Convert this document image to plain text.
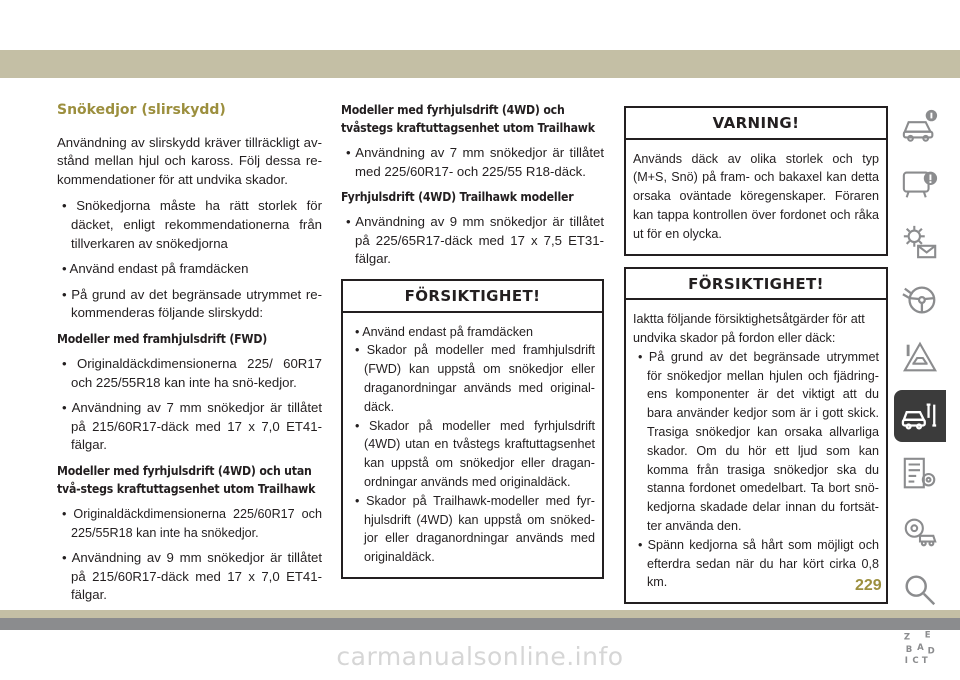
Snökedjor (slirskydd)

Användning av slirskydd kräver tillräckligt av-stånd mellan hjul och kaross. Följ dessa re-kommendationer för att undvika skador.

• Snökedjorna måste ha rätt storlek för däcket, enligt rekommendationerna från tillverkaren av snökedjorna

• Använd endast på framdäcken

• På grund av det begränsade utrymmet re-kommenderas följande slirskydd:

Modeller med framhjulsdrift (FWD)

• Originaldäckdimensionerna 225/ 60R17 och 225/55R18 kan inte ha snö-kedjor.

• Användning av 7 mm snökedjor är tillåtet på 215/60R17-däck med 17 x 7,0 ET41-fälgar.

Modeller med fyrhjulsdrift (4WD) och utan två-stegs kraftuttagsenhet utom Trailhawk

• Originaldäckdimensionerna 225/60R17 och 225/55R18 kan inte ha snökedjor.

• Användning av 9 mm snökedjor är tillåtet på 215/60R17-däck med 17 x 7,0 ET41-fälgar.

Modeller med fyrhjulsdrift (4WD) och tvåstegs kraftuttagsenhet utom Trailhawk

• Användning av 7 mm snökedjor är tillåtet med 225/60R17- och 225/55 R18-däck.

Fyrhjulsdrift (4WD) Trailhawk modeller

• Användning av 9 mm snökedjor är tillåtet på 225/65R17-däck med 17 x 7,5 ET31-fälgar.

FÖRSIKTIGHET!

• Använd endast på framdäcken

• Skador på modeller med framhjulsdrift (FWD) kan uppstå om snökedjor eller draganordningar används med original-däck.

• Skador på modeller med fyrhjulsdrift (4WD) utan en tvåstegs kraftuttagsenhet kan uppstå om snökedjor eller dragan-ordningar används med originaldäck.

• Skador på Trailhawk-modeller med fyr-hjulsdrift (4WD) kan uppstå om snöked-jor eller draganordningar används med originaldäck.

VARNING!

Används däck av olika storlek och typ (M+S, Snö) på fram- och bakaxel kan detta orsaka oväntade köregenskaper. Föraren kan tappa kontrollen över fordonet och råka ut för en olycka.

FÖRSIKTIGHET!

Iaktta följande försiktighetsåtgärder för att undvika skador på fordon eller däck:

• På grund av det begränsade utrymmet för snökedjor mellan hjulen och fjädring-ens komponenter är det viktigt att du bara använder kedjor som är i gott skick. Trasiga snökedjor kan orsaka allvarliga skador. Om du hör ett ljud som kan komma från trasiga snökedjor ska du stanna fordonet omedelbart. Ta bort snö-kedjorna skadade delar innan du fortsät-ter använda den.

• Spänn kedjorna så hårt som möjligt och efterdra sedan när du har kört cirka 0,8 km.

Z E
B A D
I C T
229
carmanualsonline.info
